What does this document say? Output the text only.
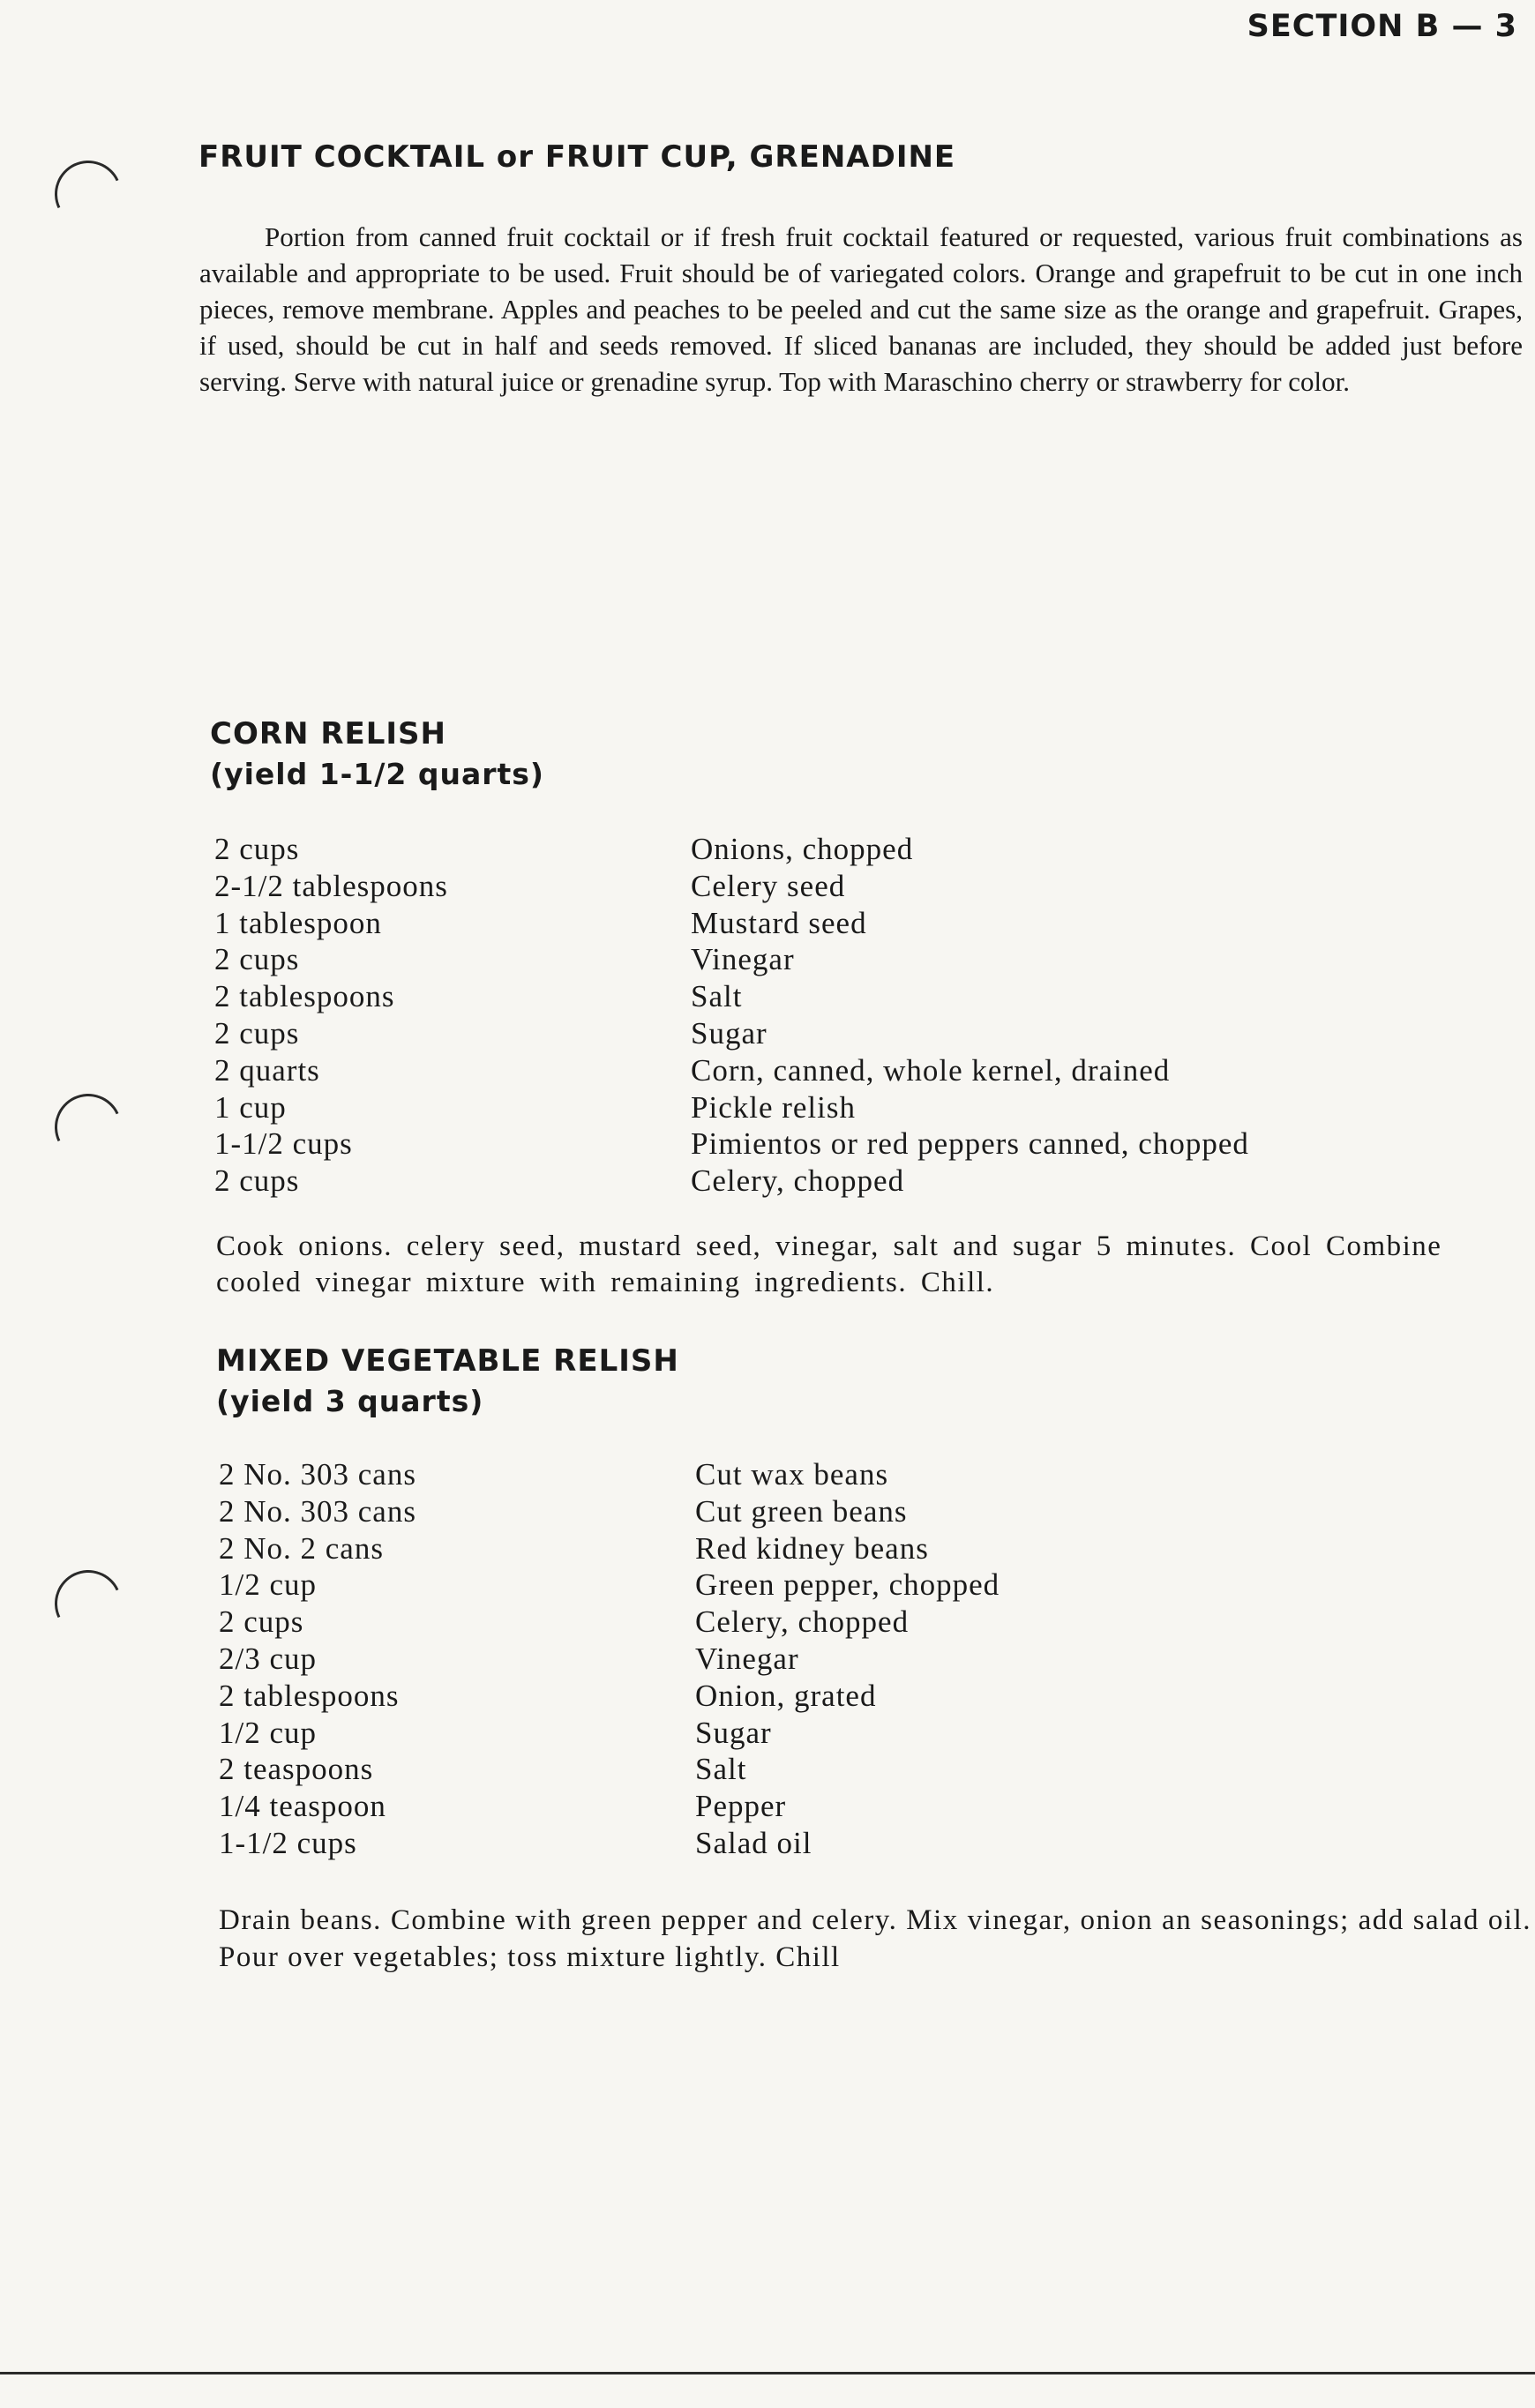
SECTION B — 3
FRUIT COCKTAIL or FRUIT CUP, GRENADINE
Portion from canned fruit cocktail or if fresh fruit cocktail featured or requested, various fruit combinations as available and appropriate to be used. Fruit should be of variegated colors. Orange and grapefruit to be cut in one inch pieces, remove membrane. Apples and peaches to be peeled and cut the same size as the orange and grapefruit. Grapes, if used, should be cut in half and seeds removed. If sliced bananas are included, they should be added just before serving. Serve with natural juice or grenadine syrup. Top with Maraschino cherry or strawberry for color.
CORN RELISH
(yield 1-1/2 quarts)
2 cups	Onions, chopped
2-1/2 tablespoons	Celery seed
1 tablespoon	Mustard seed
2 cups	Vinegar
2 tablespoons	Salt
2 cups	Sugar
2 quarts	Corn, canned, whole kernel, drained
1 cup	Pickle relish
1-1/2 cups	Pimientos or red peppers canned, chopped
2 cups	Celery, chopped
Cook onions. celery seed, mustard seed, vinegar, salt and sugar 5 minutes. Cool Combine cooled vinegar mixture with remaining ingredients. Chill.
MIXED VEGETABLE RELISH
(yield 3 quarts)
2 No. 303 cans	Cut wax beans
2 No. 303 cans	Cut green beans
2 No. 2 cans	Red kidney beans
1/2 cup	Green pepper, chopped
2 cups	Celery, chopped
2/3 cup	Vinegar
2 tablespoons	Onion, grated
1/2 cup	Sugar
2 teaspoons	Salt
1/4 teaspoon	Pepper
1-1/2 cups	Salad oil
Drain beans. Combine with green pepper and celery. Mix vinegar, onion an seasonings; add salad oil. Pour over vegetables; toss mixture lightly. Chill
